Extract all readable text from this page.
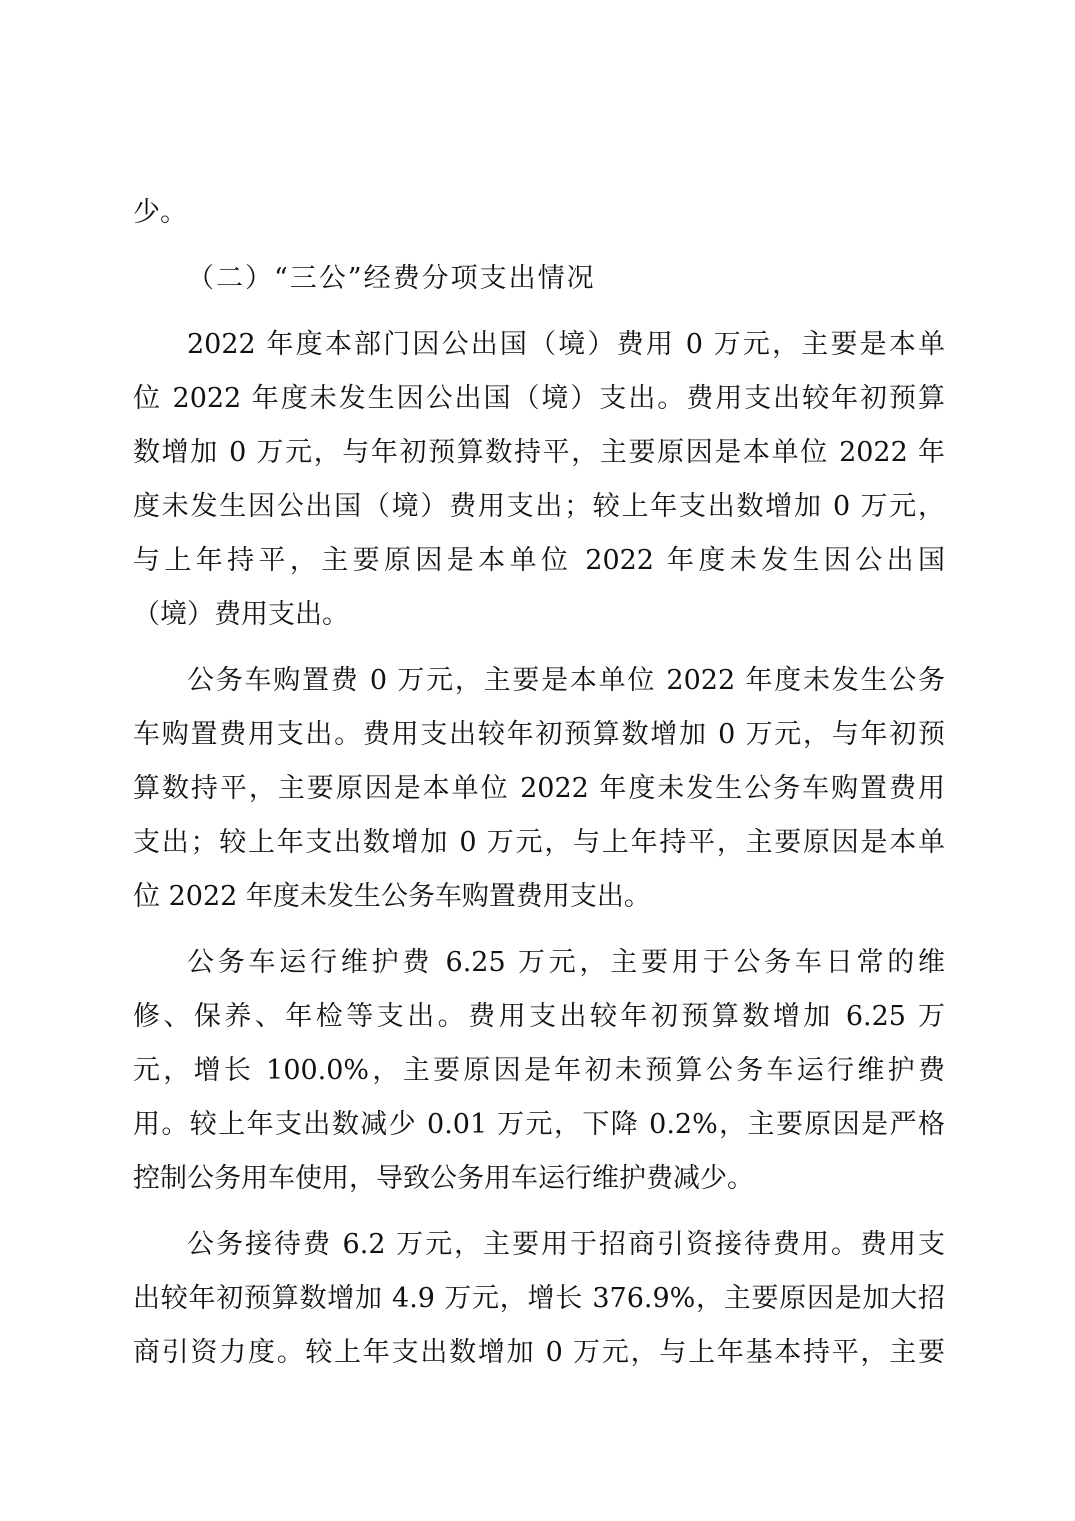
少。
（二）“三公”经费分项支出情况
2022 年度本部门因公出国（境）费用 0 万元，主要是本单
位 2022 年度未发生因公出国（境）支出。费用支出较年初预算
数增加 0 万元，与年初预算数持平，主要原因是本单位 2022 年
度未发生因公出国（境）费用支出；较上年支出数增加 0 万元，
与上年持平，主要原因是本单位 2022 年度未发生因公出国
（境）费用支出。
公务车购置费 0 万元，主要是本单位 2022 年度未发生公务
车购置费用支出。费用支出较年初预算数增加 0 万元，与年初预
算数持平，主要原因是本单位 2022 年度未发生公务车购置费用
支出；较上年支出数增加 0 万元，与上年持平，主要原因是本单
位 2022 年度未发生公务车购置费用支出。
公务车运行维护费 6.25 万元，主要用于公务车日常的维
修、保养、年检等支出。费用支出较年初预算数增加 6.25 万
元，增长 100.0%，主要原因是年初未预算公务车运行维护费
用。较上年支出数减少 0.01 万元，下降 0.2%，主要原因是严格
控制公务用车使用，导致公务用车运行维护费减少。
公务接待费 6.2 万元，主要用于招商引资接待费用。费用支
出较年初预算数增加 4.9 万元，增长 376.9%，主要原因是加大招
商引资力度。较上年支出数增加 0 万元，与上年基本持平，主要
